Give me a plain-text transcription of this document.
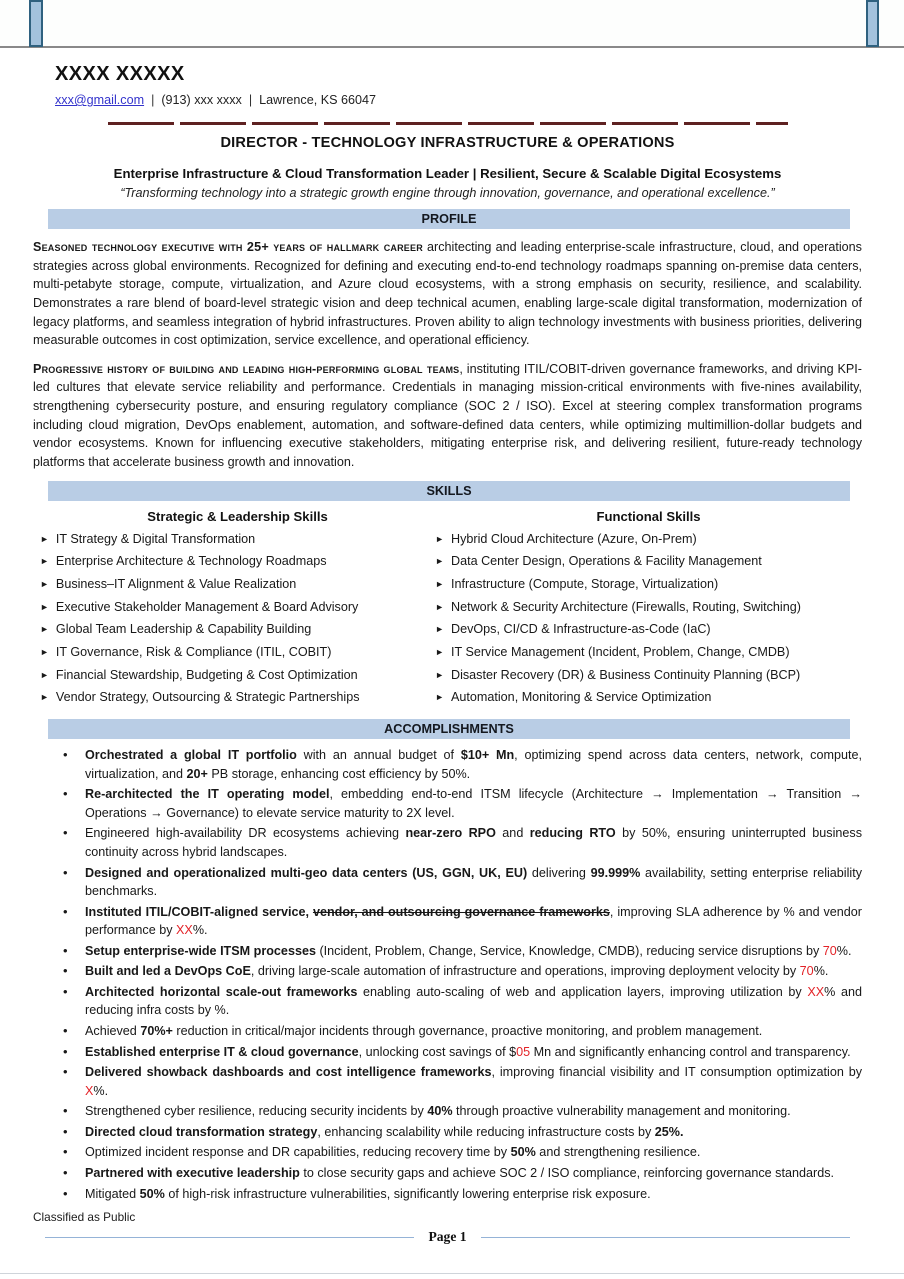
XXXX XXXXX
xxx@gmail.com | (913) xxx xxxx | Lawrence, KS 66047
DIRECTOR - TECHNOLOGY INFRASTRUCTURE & OPERATIONS
Enterprise Infrastructure & Cloud Transformation Leader | Resilient, Secure & Scalable Digital Ecosystems
“Transforming technology into a strategic growth engine through innovation, governance, and operational excellence.”
PROFILE

Seasoned technology executive with 25+ years of hallmark career architecting and leading enterprise-scale infrastructure, cloud, and operations strategies across global environments. Recognized for defining and executing end-to-end technology roadmaps spanning on-premise data centers, multi-petabyte storage, compute, virtualization, and Azure cloud ecosystems, with a strong emphasis on security, resilience, and scalability. Demonstrates a rare blend of board-level strategic vision and deep technical acumen, enabling large-scale digital transformation, modernization of legacy platforms, and seamless integration of hybrid infrastructures. Proven ability to align technology investments with business priorities, delivering measurable outcomes in cost optimization, service excellence, and operational efficiency.

Progressive history of building and leading high-performing global teams, instituting ITIL/COBIT-driven governance frameworks, and driving KPI-led cultures that elevate service reliability and performance. Credentials in managing mission-critical environments with five-nines availability, strengthening cybersecurity posture, and ensuring regulatory compliance (SOC 2 / ISO). Excel at steering complex transformation programs including cloud migration, DevOps enablement, automation, and software-defined data centers, while optimizing multimillion-dollar budgets and vendor ecosystems. Known for influencing executive stakeholders, mitigating enterprise risk, and delivering resilient, future-ready technology platforms that accelerate business growth and innovation.

SKILLS
Strategic & Leadership Skills
► IT Strategy & Digital Transformation
► Enterprise Architecture & Technology Roadmaps
► Business–IT Alignment & Value Realization
► Executive Stakeholder Management & Board Advisory
► Global Team Leadership & Capability Building
► IT Governance, Risk & Compliance (ITIL, COBIT)
► Financial Stewardship, Budgeting & Cost Optimization
► Vendor Strategy, Outsourcing & Strategic Partnerships
Functional Skills
► Hybrid Cloud Architecture (Azure, On-Prem)
► Data Center Design, Operations & Facility Management
► Infrastructure (Compute, Storage, Virtualization)
► Network & Security Architecture (Firewalls, Routing, Switching)
► DevOps, CI/CD & Infrastructure-as-Code (IaC)
► IT Service Management (Incident, Problem, Change, CMDB)
► Disaster Recovery (DR) & Business Continuity Planning (BCP)
► Automation, Monitoring & Service Optimization
ACCOMPLISHMENTS
• Orchestrated a global IT portfolio with an annual budget of $10+ Mn, optimizing spend across data centers, network, compute, virtualization, and 20+ PB storage, enhancing cost efficiency by 50%.
• Re-architected the IT operating model, embedding end-to-end ITSM lifecycle (Architecture → Implementation → Transition → Operations → Governance) to elevate service maturity to 2X level.
• Engineered high-availability DR ecosystems achieving near-zero RPO and reducing RTO by 50%, ensuring uninterrupted business continuity across hybrid landscapes.
• Designed and operationalized multi-geo data centers (US, GGN, UK, EU) delivering 99.999% availability, setting enterprise reliability benchmarks.
• Instituted ITIL/COBIT-aligned service, vendor, and outsourcing governance frameworks, improving SLA adherence by % and vendor performance by XX%.
• Setup enterprise-wide ITSM processes (Incident, Problem, Change, Service, Knowledge, CMDB), reducing service disruptions by 70%.
• Built and led a DevOps CoE, driving large-scale automation of infrastructure and operations, improving deployment velocity by 70%.
• Architected horizontal scale-out frameworks enabling auto-scaling of web and application layers, improving utilization by XX% and reducing infra costs by %.
• Achieved 70%+ reduction in critical/major incidents through governance, proactive monitoring, and problem management.
• Established enterprise IT & cloud governance, unlocking cost savings of $05 Mn and significantly enhancing control and transparency.
• Delivered showback dashboards and cost intelligence frameworks, improving financial visibility and IT consumption optimization by X%.
• Strengthened cyber resilience, reducing security incidents by 40% through proactive vulnerability management and monitoring.
• Directed cloud transformation strategy, enhancing scalability while reducing infrastructure costs by 25%.
• Optimized incident response and DR capabilities, reducing recovery time by 50% and strengthening resilience.
• Partnered with executive leadership to close security gaps and achieve SOC 2 / ISO compliance, reinforcing governance standards.
• Mitigated 50% of high-risk infrastructure vulnerabilities, significantly lowering enterprise risk exposure.
Classified as Public
Page 1
